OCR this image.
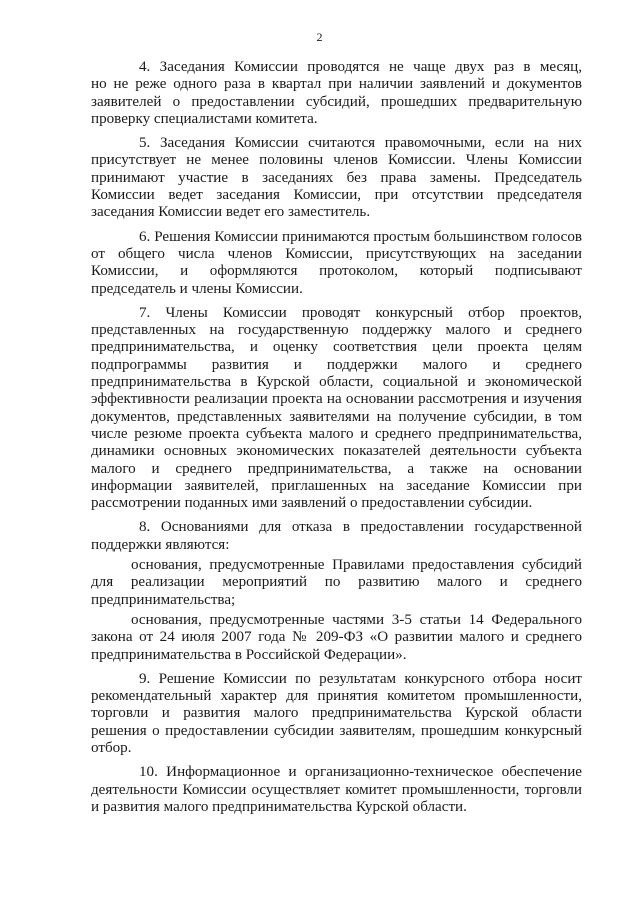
2
4. Заседания Комиссии проводятся не чаще двух раз в месяц,
но не реже одного раза в квартал при наличии заявлений и документов
заявителей о предоставлении субсидий, прошедших предварительную
проверку специалистами комитета.
5. Заседания Комиссии считаются правомочными, если на них
присутствует не менее половины членов Комиссии. Члены Комиссии
принимают участие в заседаниях без права замены. Председатель
Комиссии ведет заседания Комиссии, при отсутствии председателя
заседания Комиссии ведет его заместитель.
6. Решения Комиссии принимаются простым большинством голосов
от общего числа членов Комиссии, присутствующих на заседании
Комиссии, и оформляются протоколом, который подписывают
председатель и члены Комиссии.
7. Члены Комиссии проводят конкурсный отбор проектов,
представленных на государственную поддержку малого и среднего
предпринимательства, и оценку соответствия цели проекта целям
подпрограммы развития и поддержки малого и среднего
предпринимательства в Курской области, социальной и экономической
эффективности реализации проекта на основании рассмотрения и изучения
документов, представленных заявителями на получение субсидии, в том
числе резюме проекта субъекта малого и среднего предпринимательства,
динамики основных экономических показателей деятельности субъекта
малого и среднего предпринимательства, а также на основании
информации заявителей, приглашенных на заседание Комиссии при
рассмотрении поданных ими заявлений о предоставлении субсидии.
8. Основаниями для отказа в предоставлении государственной
поддержки являются:
основания, предусмотренные Правилами предоставления субсидий
для реализации мероприятий по развитию малого и среднего
предпринимательства;
основания, предусмотренные частями 3-5 статьи 14 Федерального
закона от 24 июля 2007 года № 209-ФЗ «О развитии малого и среднего
предпринимательства в Российской Федерации».
9. Решение Комиссии по результатам конкурсного отбора носит
рекомендательный характер для принятия комитетом промышленности,
торговли и развития малого предпринимательства Курской области
решения о предоставлении субсидии заявителям, прошедшим конкурсный
отбор.
10. Информационное и организационно-техническое обеспечение
деятельности Комиссии осуществляет комитет промышленности, торговли
и развития малого предпринимательства Курской области.
